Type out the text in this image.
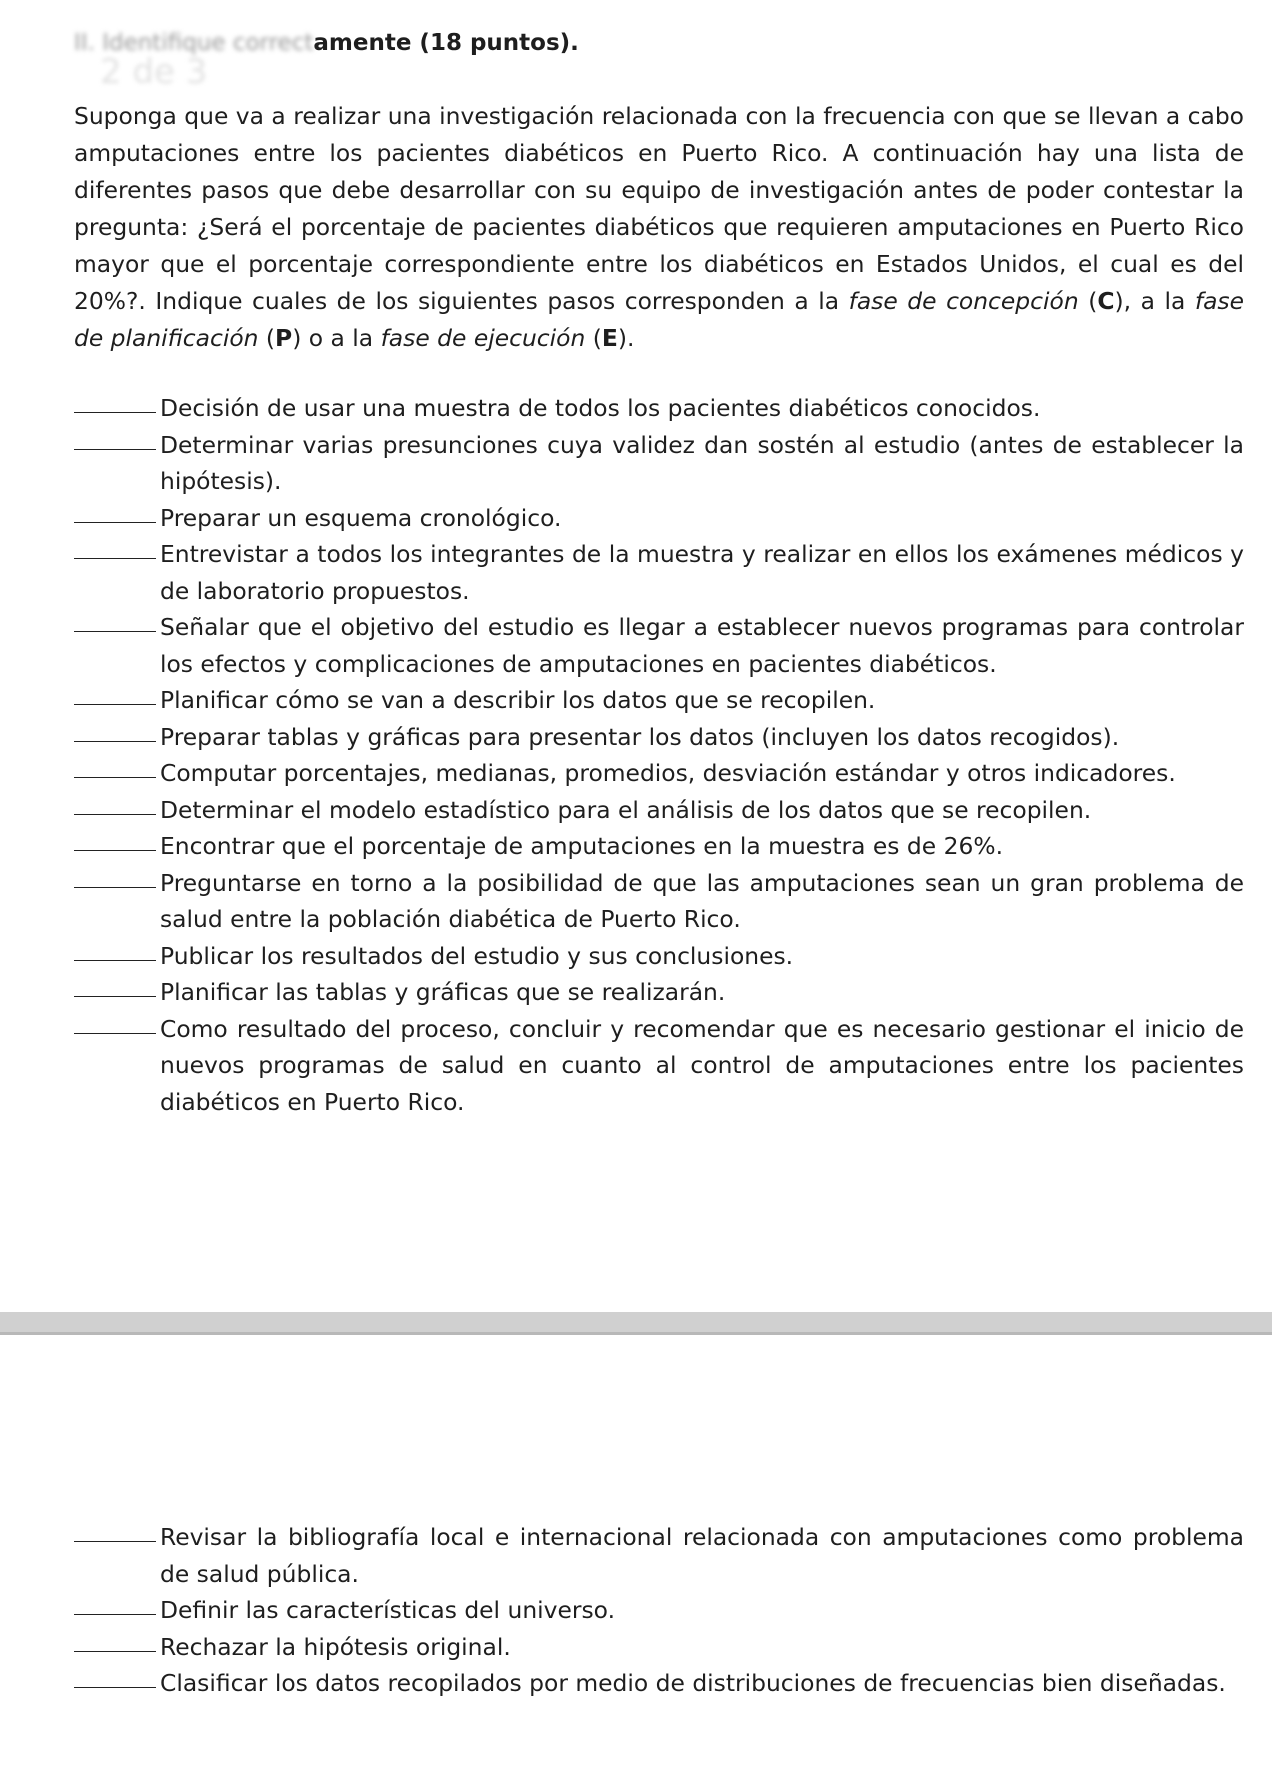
2 de 3
II. Identifique correctamente (18 puntos).
Suponga que va a realizar una investigación relacionada con la frecuencia con que se llevan a cabo amputaciones entre los pacientes diabéticos en Puerto Rico. A continuación hay una lista de diferentes pasos que debe desarrollar con su equipo de investigación antes de poder contestar la pregunta: ¿Será el porcentaje de pacientes diabéticos que requieren amputaciones en Puerto Rico mayor que el porcentaje correspondiente entre los diabéticos en Estados Unidos, el cual es del 20%?. Indique cuales de los siguientes pasos corresponden a la fase de concepción (C), a la fase de planificación (P) o a la fase de ejecución (E).
Decisión de usar una muestra de todos los pacientes diabéticos conocidos.
Determinar varias presunciones cuya validez dan sostén al estudio (antes de establecer la hipótesis).
Preparar un esquema cronológico.
Entrevistar a todos los integrantes de la muestra y realizar en ellos los exámenes médicos y de laboratorio propuestos.
Señalar que el objetivo del estudio es llegar a establecer nuevos programas para controlar los efectos y complicaciones de amputaciones en pacientes diabéticos.
Planificar cómo se van a describir los datos que se recopilen.
Preparar tablas y gráficas para presentar los datos (incluyen los datos recogidos).
Computar porcentajes, medianas, promedios, desviación estándar y otros indicadores.
Determinar el modelo estadístico para el análisis de los datos que se recopilen.
Encontrar que el porcentaje de amputaciones en la muestra es de 26%.
Preguntarse en torno a la posibilidad de que las amputaciones sean un gran problema de salud entre la población diabética de Puerto Rico.
Publicar los resultados del estudio y sus conclusiones.
Planificar las tablas y gráficas que se realizarán.
Como resultado del proceso, concluir y recomendar que es necesario gestionar el inicio de nuevos programas de salud en cuanto al control de amputaciones entre los pacientes diabéticos en Puerto Rico.
Revisar la bibliografía local e internacional relacionada con amputaciones como problema de salud pública.
Definir las características del universo.
Rechazar la hipótesis original.
Clasificar los datos recopilados por medio de distribuciones de frecuencias bien diseñadas.
